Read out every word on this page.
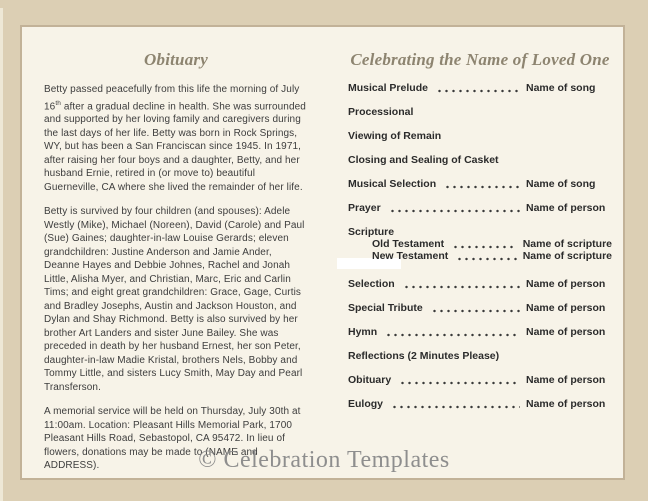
Obituary

Betty passed peacefully from this life the morning of July 16th after a gradual decline in health. She was surrounded and supported by her loving family and caregivers during the last days of her life. Betty was born in Rock Springs, WY, but has been a San Franciscan since 1945. In 1971, after raising her four boys and a daughter, Betty, and her husband Ernie, retired in (or move to) beautiful Guerneville, CA where she lived the remainder of her life.

Betty is survived by four children (and spouses): Adele Westly (Mike), Michael (Noreen), David (Carole) and Paul (Sue) Gaines; daughter-in-law Louise Gerards; eleven grandchildren: Justine Anderson and Jamie Ander, Deanne Hayes and Debbie Johnes, Rachel and Jonah Little, Alisha Myer, and Christian, Marc, Eric and Carlin Tims; and eight great grandchildren: Grace, Gage, Curtis and Bradley Josephs, Austin and Jackson Houston, and Dylan and Shay Richmond. Betty is also survived by her brother Art Landers and sister June Bailey. She was preceded in death by her husband Ernest, her son Peter, daughter-in-law Madie Kristal, brothers Nels, Bobby and Tommy Little, and sisters Lucy Smith, May Day and Pearl Transferson.

A memorial service will be held on Thursday, July 30th at 11:00am. Location: Pleasant Hills Memorial Park, 1700 Pleasant Hills Road, Sebastopol, CA 95472. In lieu of flowers, donations may be made to (NAME and ADDRESS).

Celebrating the Name of Loved One
Musical Prelude	Name of song
Processional
Viewing of Remain
Closing and Sealing of Casket
Musical Selection	Name of song
Prayer	Name of person
Scripture
Old Testament	Name of scripture
New Testament	Name of scripture
Selection	Name of person
Special Tribute	Name of person
Hymn	Name of person
Reflections (2 Minutes Please)
Obituary	Name of person
Eulogy	Name of person
© Celebration Templates
